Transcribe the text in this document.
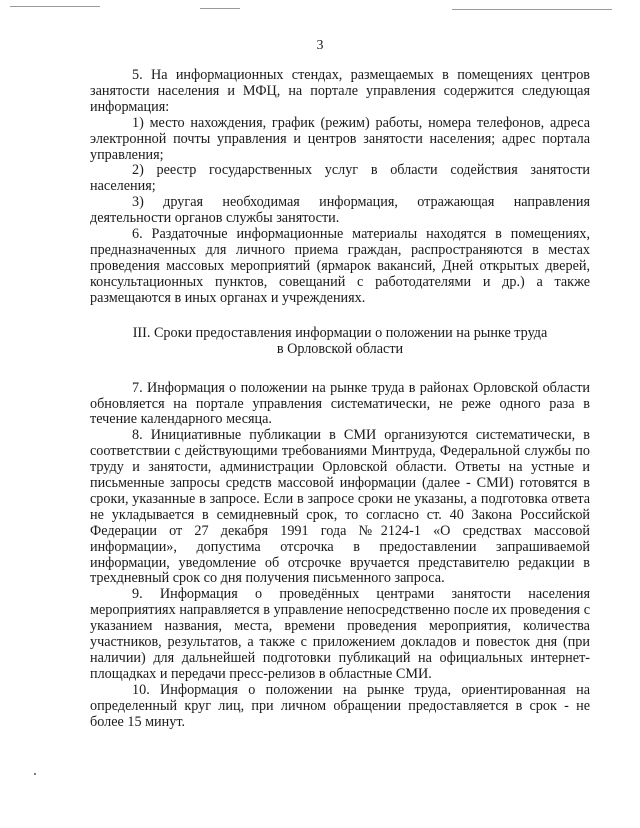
3

5. На информационных стендах, размещаемых в помещениях центров занятости населения и МФЦ, на портале управления содержится следующая информация:

1) место нахождения, график (режим) работы, номера телефонов, адреса электронной почты управления и центров занятости населения; адрес портала управления;

2) реестр государственных услуг в области содействия занятости населения;

3) другая необходимая информация, отражающая направления деятельности органов службы занятости.

6. Раздаточные информационные материалы находятся в помещениях, предназначенных для личного приема граждан, распространяются в местах проведения массовых мероприятий (ярмарок вакансий, Дней открытых дверей, консультационных пунктов, совещаний с работодателями и др.) а также размещаются в иных органах и учреждениях.

III. Сроки предоставления информации о положении на рынке труда
в Орловской области

7. Информация о положении на рынке труда в районах Орловской области обновляется на портале управления систематически, не реже одного раза в течение календарного месяца.

8. Инициативные публикации в СМИ организуются систематически, в соответствии с действующими требованиями Минтруда, Федеральной службы по труду и занятости, администрации Орловской области. Ответы на устные и письменные запросы средств массовой информации (далее - СМИ) готовятся в сроки, указанные в запросе. Если в запросе сроки не указаны, а подготовка ответа не укладывается в семидневный срок, то согласно ст. 40 Закона Российской Федерации от 27 декабря 1991 года №2124-1 «О средствах массовой информации», допустима отсрочка в предоставлении запрашиваемой информации, уведомление об отсрочке вручается представителю редакции в трехдневный срок со дня получения письменного запроса.

9. Информация о проведённых центрами занятости населения мероприятиях направляется в управление непосредственно после их проведения с указанием названия, места, времени проведения мероприятия, количества участников, результатов, а также с приложением докладов и повесток дня (при наличии) для дальнейшей подготовки публикаций на официальных интернет-площадках и передачи пресс-релизов в областные СМИ.

10. Информация о положении на рынке труда, ориентированная на определенный круг лиц, при личном обращении предоставляется в срок - не более 15 минут.
